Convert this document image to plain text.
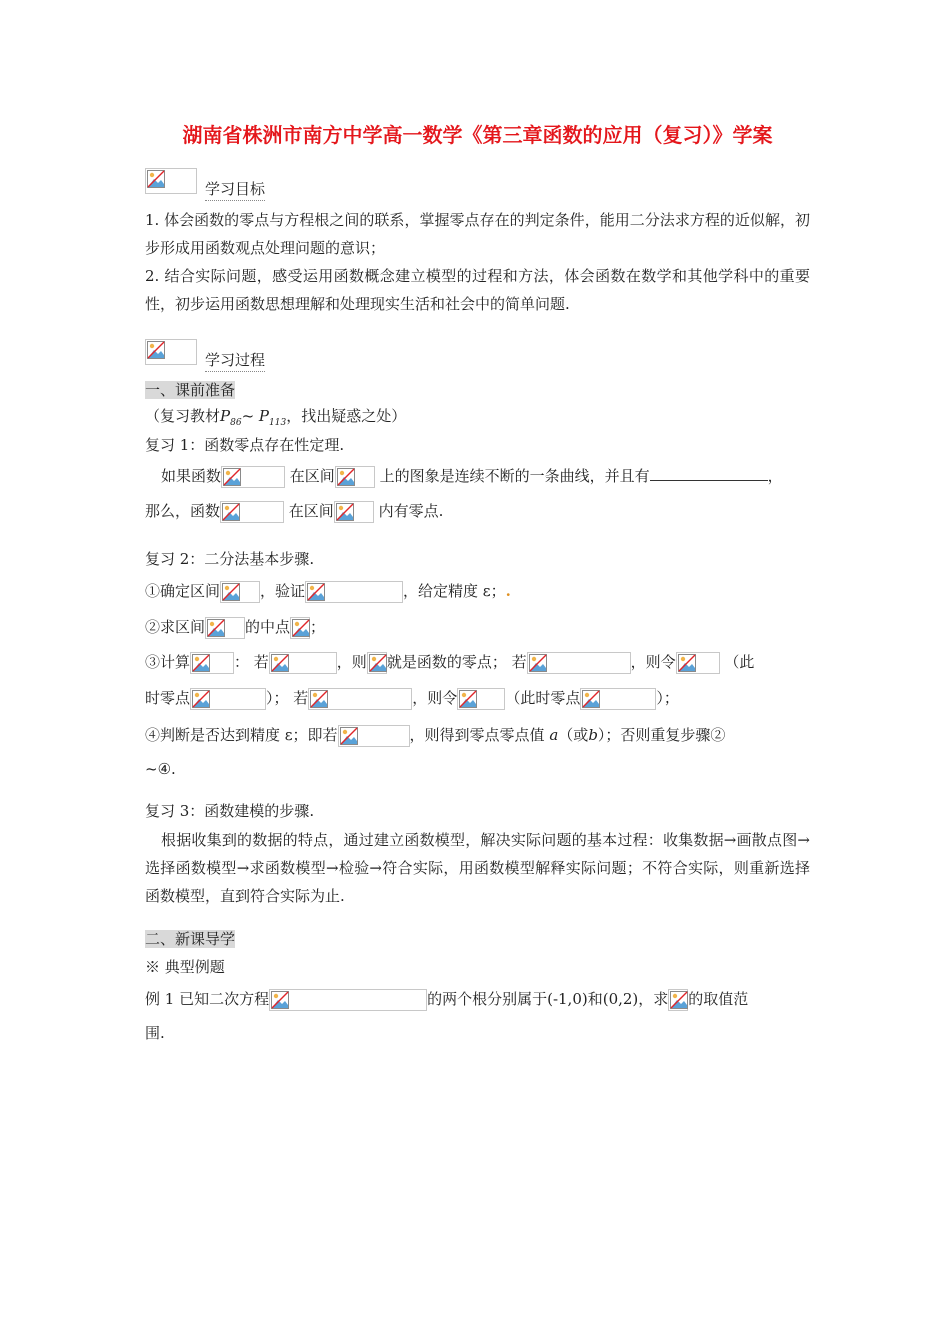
湖南省株洲市南方中学高一数学《第三章函数的应用（复习）》学案
学习目标
1. 体会函数的零点与方程根之间的联系，掌握零点存在的判定条件，能用二分法求方程的近似解，初步形成用函数观点处理问题的意识；
2. 结合实际问题，感受运用函数概念建立模型的过程和方法，体会函数在数学和其他学科中的重要性，初步运用函数思想理解和处理现实生活和社会中的简单问题.
学习过程
一、课前准备
（复习教材$P_{86}\sim$ $P_{113}$，找出疑惑之处）
复习 1：函数零点存在性定理.
如果函数	在区间	上的图象是连续不断的一条曲线，并且有	，
那么，函数	在区间	内有零点.
复习 2：二分法基本步骤.
①确定区间	，验证	，给定精度 ε；.
②求区间	的中点 ；
③计算	： 若	，则 就是函数的零点； 若	，则令	（此
时零点	）； 若	，则令	（此时零点	）；
④判断是否达到精度 ε；即若	，则得到零点零点值 a（或b）；否则重复步骤②
~④.
复习 3：函数建模的步骤.
根据收集到的数据的特点，通过建立函数模型，解决实际问题的基本过程：收集数据→画散点图→选择函数模型→求函数模型→检验→符合实际，用函数模型解释实际问题；不符合实际，则重新选择函数模型，直到符合实际为止.
二、新课导学
※ 典型例题
例 1 已知二次方程	的两个根分别属于(-1,0)和(0,2)，求 的取值范
围.
